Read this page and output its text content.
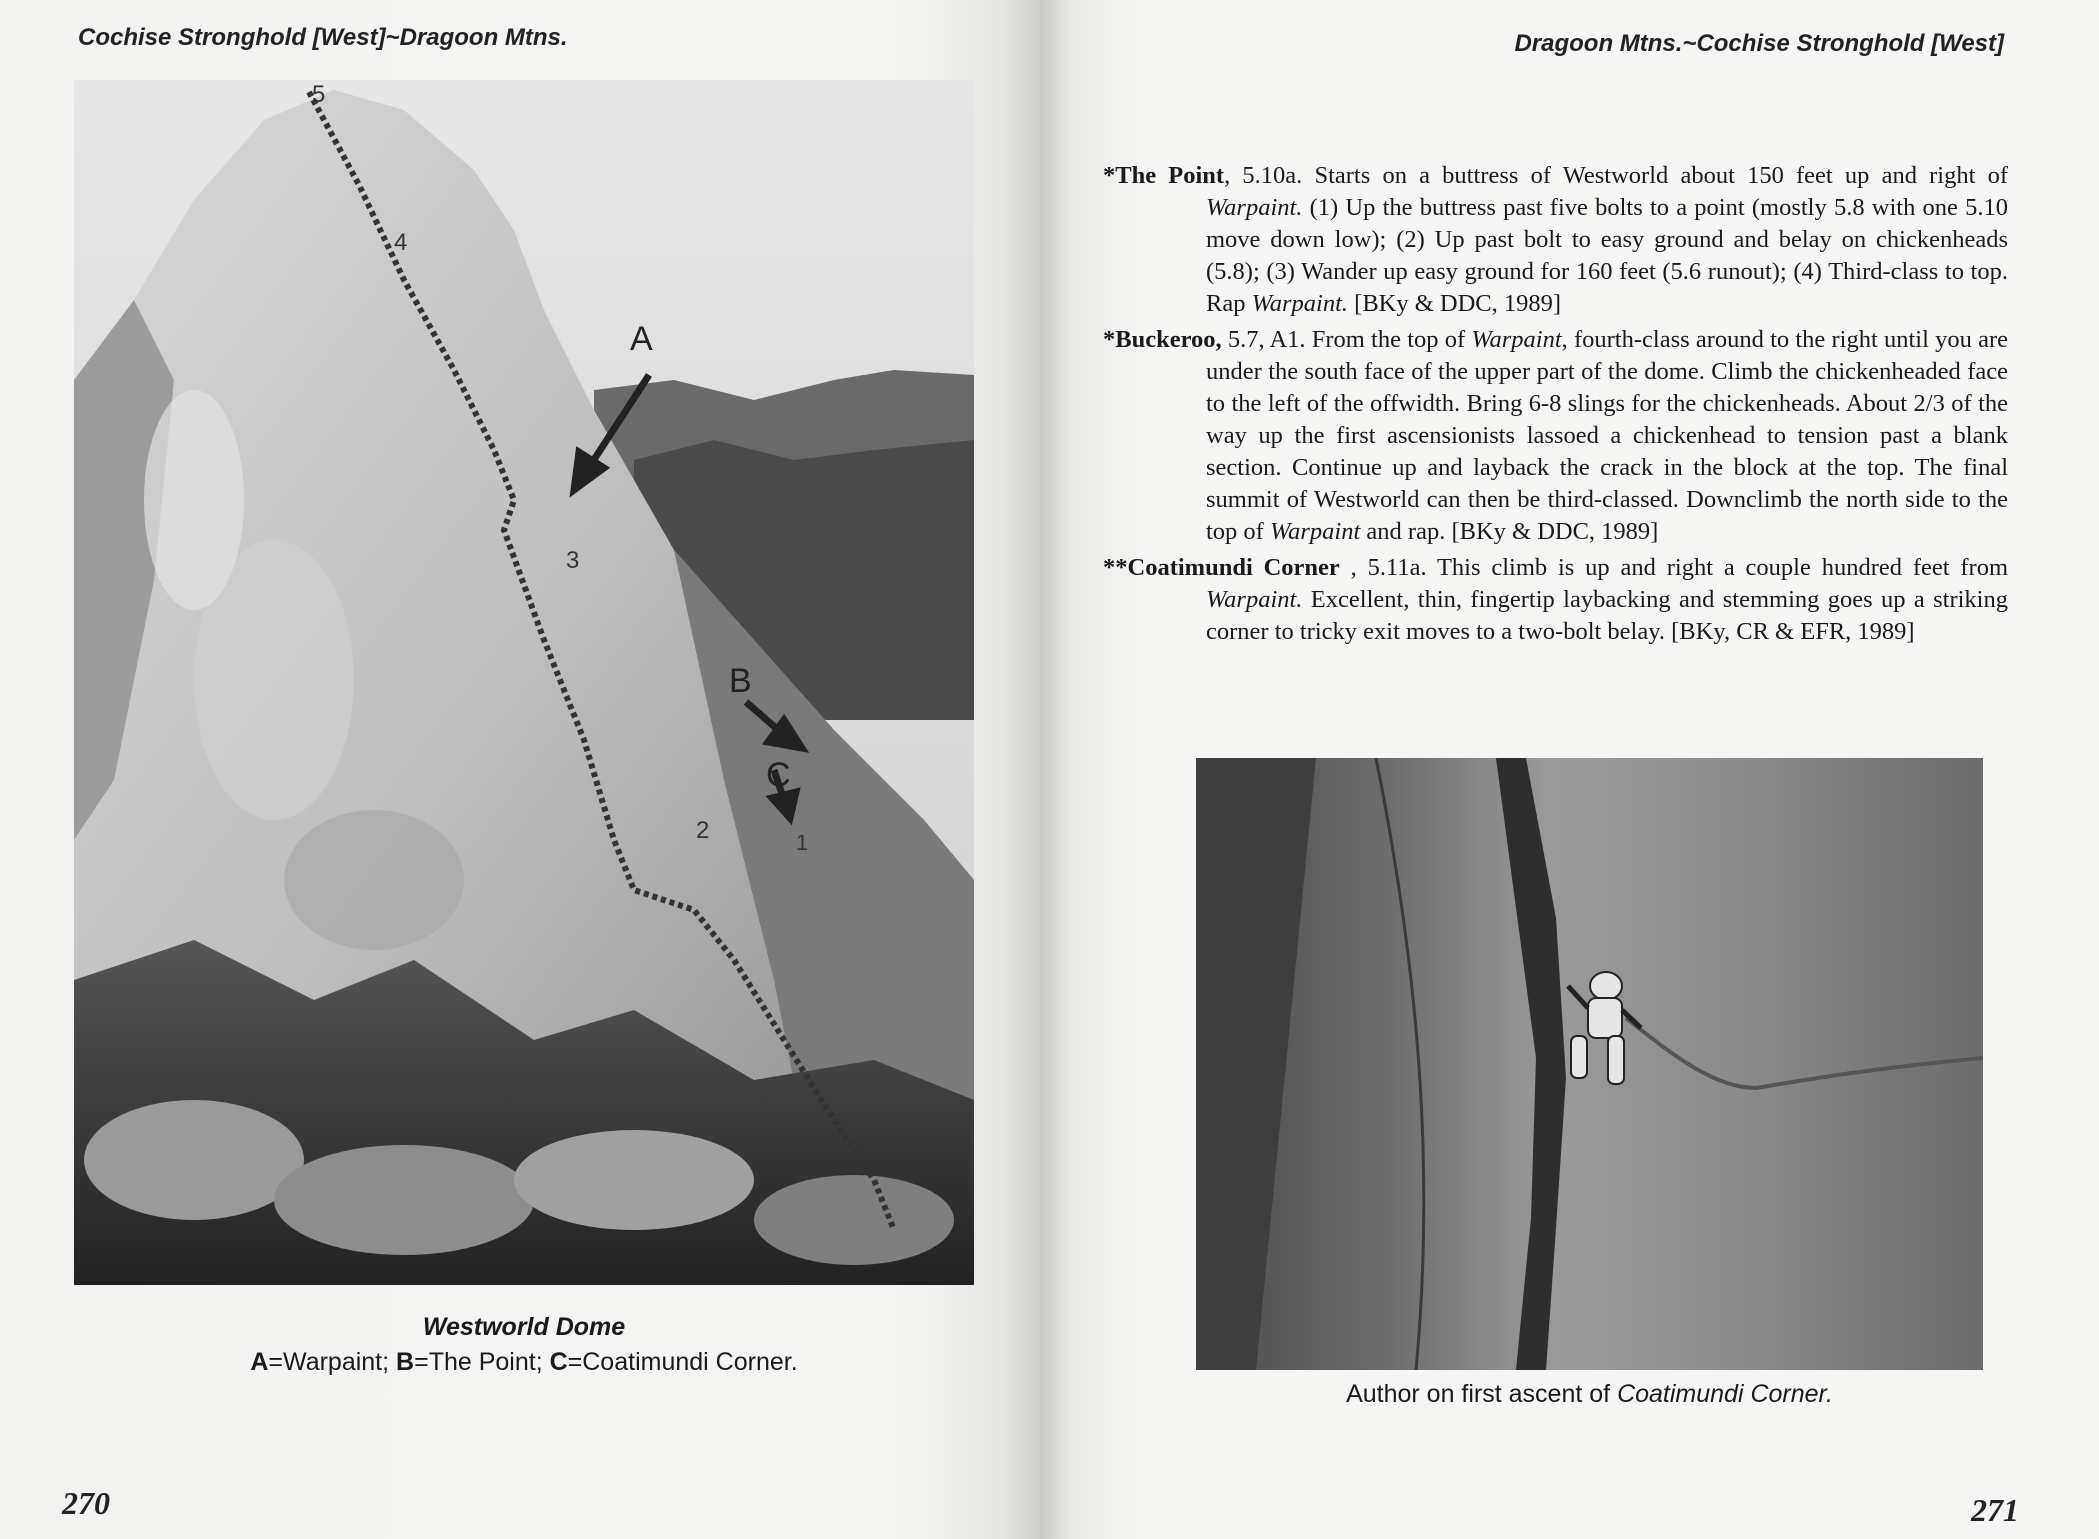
Cochise Stronghold [West]~Dragoon Mtns.
A
B
C
5
4
3
2	1
Westworld Dome
A=Warpaint; B=The Point; C=Coatimundi Corner.
270
Dragoon Mtns.~Cochise Stronghold [West]
271

*The Point, 5.10a. Starts on a buttress of Westworld about 150 feet up and right of Warpaint. (1) Up the buttress past five bolts to a point (mostly 5.8 with one 5.10 move down low); (2) Up past bolt to easy ground and belay on chickenheads (5.8); (3) Wander up easy ground for 160 feet (5.6 runout); (4) Third-class to top. Rap Warpaint. [BKy & DDC, 1989]

*Buckeroo, 5.7, A1. From the top of Warpaint, fourth-class around to the right until you are under the south face of the upper part of the dome. Climb the chickenheaded face to the left of the offwidth. Bring 6-8 slings for the chickenheads. About 2/3 of the way up the first ascensionists lassoed a chickenhead to tension past a blank section. Continue up and layback the crack in the block at the top. The final summit of Westworld can then be third-classed. Downclimb the north side to the top of Warpaint and rap. [BKy & DDC, 1989]

**Coatimundi Corner , 5.11a. This climb is up and right a couple hundred feet from Warpaint. Excellent, thin, fingertip laybacking and stemming goes up a striking corner to tricky exit moves to a two-bolt belay. [BKy, CR & EFR, 1989]

Author on first ascent of Coatimundi Corner.
